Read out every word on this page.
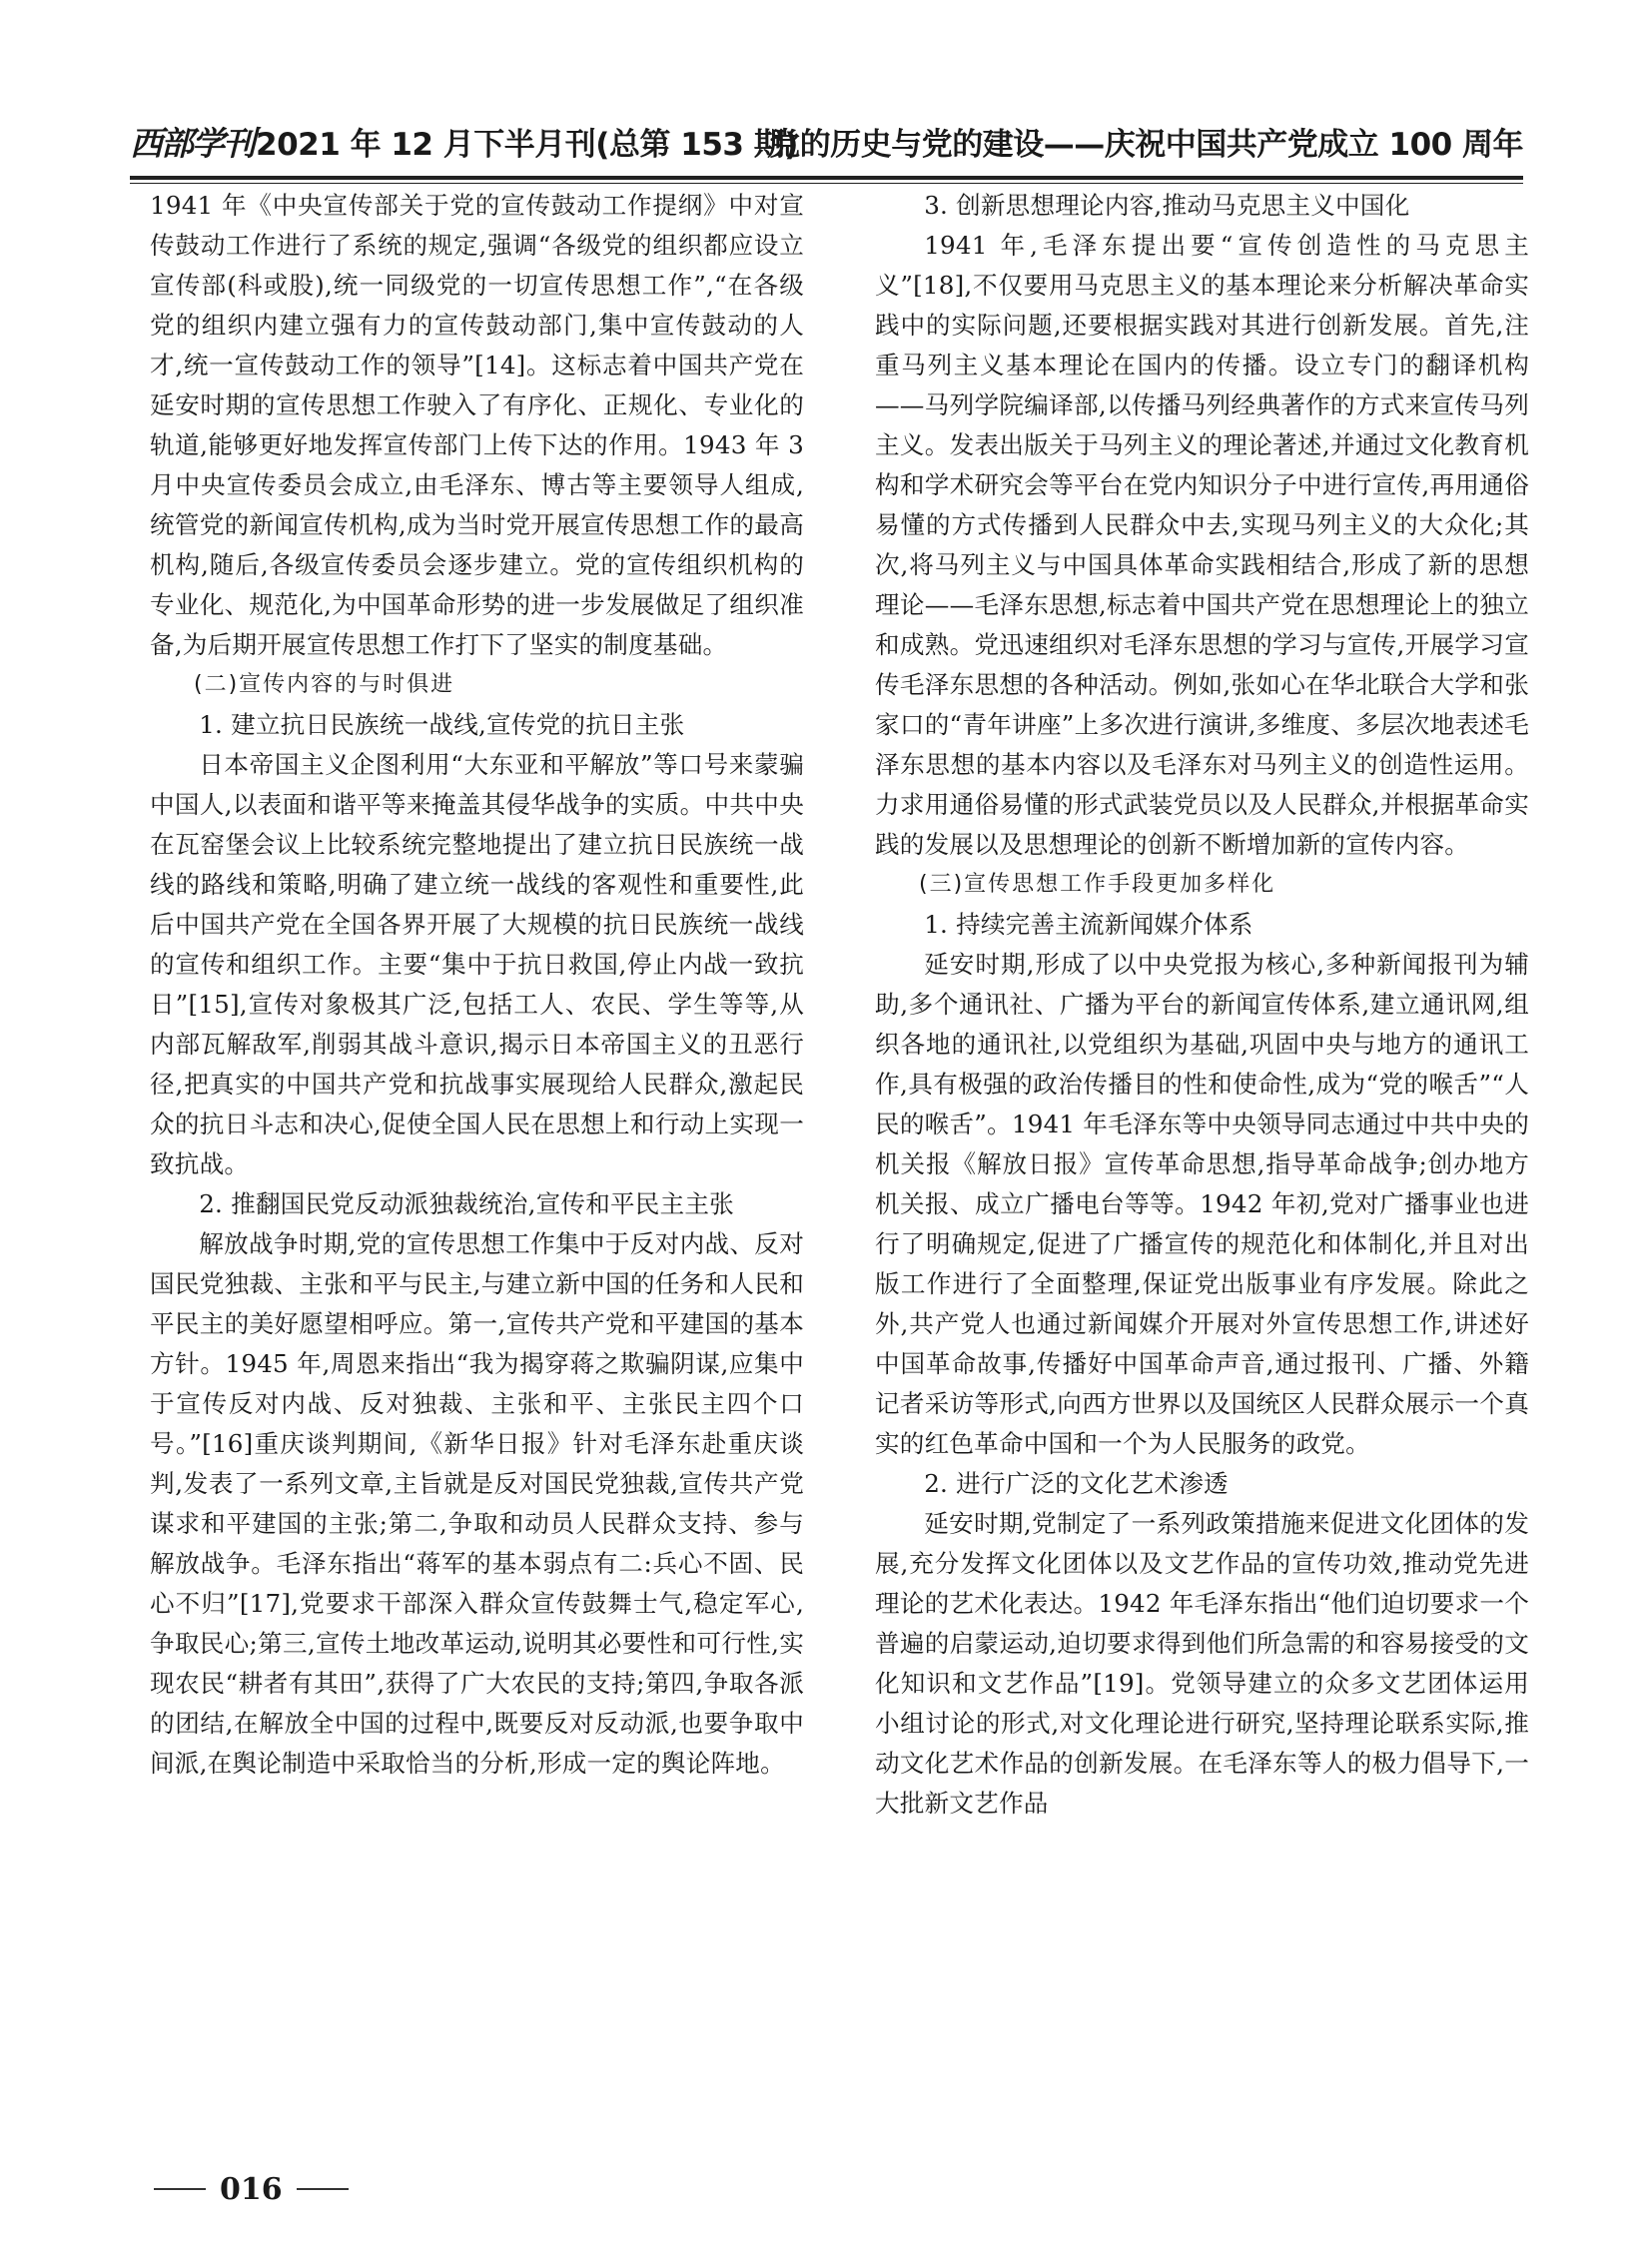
西部学刊 2021 年 12 月下半月刊(总第 153 期)
党的历史与党的建设——庆祝中国共产党成立 100 周年

1941 年《中央宣传部关于党的宣传鼓动工作提纲》中对宣传鼓动工作进行了系统的规定,强调“各级党的组织都应设立宣传部(科或股),统一同级党的一切宣传思想工作”,“在各级党的组织内建立强有力的宣传鼓动部门,集中宣传鼓动的人才,统一宣传鼓动工作的领导”[14]。这标志着中国共产党在延安时期的宣传思想工作驶入了有序化、正规化、专业化的轨道,能够更好地发挥宣传部门上传下达的作用。1943 年 3 月中央宣传委员会成立,由毛泽东、博古等主要领导人组成,统管党的新闻宣传机构,成为当时党开展宣传思想工作的最高机构,随后,各级宣传委员会逐步建立。党的宣传组织机构的专业化、规范化,为中国革命形势的进一步发展做足了组织准备,为后期开展宣传思想工作打下了坚实的制度基础。

(二)宣传内容的与时俱进

1. 建立抗日民族统一战线,宣传党的抗日主张

日本帝国主义企图利用“大东亚和平解放”等口号来蒙骗中国人,以表面和谐平等来掩盖其侵华战争的实质。中共中央在瓦窑堡会议上比较系统完整地提出了建立抗日民族统一战线的路线和策略,明确了建立统一战线的客观性和重要性,此后中国共产党在全国各界开展了大规模的抗日民族统一战线的宣传和组织工作。主要“集中于抗日救国,停止内战一致抗日”[15],宣传对象极其广泛,包括工人、农民、学生等等,从内部瓦解敌军,削弱其战斗意识,揭示日本帝国主义的丑恶行径,把真实的中国共产党和抗战事实展现给人民群众,激起民众的抗日斗志和决心,促使全国人民在思想上和行动上实现一致抗战。

2. 推翻国民党反动派独裁统治,宣传和平民主主张

解放战争时期,党的宣传思想工作集中于反对内战、反对国民党独裁、主张和平与民主,与建立新中国的任务和人民和平民主的美好愿望相呼应。第一,宣传共产党和平建国的基本方针。1945 年,周恩来指出“我为揭穿蒋之欺骗阴谋,应集中于宣传反对内战、反对独裁、主张和平、主张民主四个口号。”[16]重庆谈判期间,《新华日报》针对毛泽东赴重庆谈判,发表了一系列文章,主旨就是反对国民党独裁,宣传共产党谋求和平建国的主张;第二,争取和动员人民群众支持、参与解放战争。毛泽东指出“蒋军的基本弱点有二:兵心不固、民心不归”[17],党要求干部深入群众宣传鼓舞士气,稳定军心,争取民心;第三,宣传土地改革运动,说明其必要性和可行性,实现农民“耕者有其田”,获得了广大农民的支持;第四,争取各派的团结,在解放全中国的过程中,既要反对反动派,也要争取中间派,在舆论制造中采取恰当的分析,形成一定的舆论阵地。

3. 创新思想理论内容,推动马克思主义中国化

1941 年,毛泽东提出要“宣传创造性的马克思主义”[18],不仅要用马克思主义的基本理论来分析解决革命实践中的实际问题,还要根据实践对其进行创新发展。首先,注重马列主义基本理论在国内的传播。设立专门的翻译机构——马列学院编译部,以传播马列经典著作的方式来宣传马列主义。发表出版关于马列主义的理论著述,并通过文化教育机构和学术研究会等平台在党内知识分子中进行宣传,再用通俗易懂的方式传播到人民群众中去,实现马列主义的大众化;其次,将马列主义与中国具体革命实践相结合,形成了新的思想理论——毛泽东思想,标志着中国共产党在思想理论上的独立和成熟。党迅速组织对毛泽东思想的学习与宣传,开展学习宣传毛泽东思想的各种活动。例如,张如心在华北联合大学和张家口的“青年讲座”上多次进行演讲,多维度、多层次地表述毛泽东思想的基本内容以及毛泽东对马列主义的创造性运用。力求用通俗易懂的形式武装党员以及人民群众,并根据革命实践的发展以及思想理论的创新不断增加新的宣传内容。

(三)宣传思想工作手段更加多样化

1. 持续完善主流新闻媒介体系

延安时期,形成了以中央党报为核心,多种新闻报刊为辅助,多个通讯社、广播为平台的新闻宣传体系,建立通讯网,组织各地的通讯社,以党组织为基础,巩固中央与地方的通讯工作,具有极强的政治传播目的性和使命性,成为“党的喉舌”“人民的喉舌”。1941 年毛泽东等中央领导同志通过中共中央的机关报《解放日报》宣传革命思想,指导革命战争;创办地方机关报、成立广播电台等等。1942 年初,党对广播事业也进行了明确规定,促进了广播宣传的规范化和体制化,并且对出版工作进行了全面整理,保证党出版事业有序发展。除此之外,共产党人也通过新闻媒介开展对外宣传思想工作,讲述好中国革命故事,传播好中国革命声音,通过报刊、广播、外籍记者采访等形式,向西方世界以及国统区人民群众展示一个真实的红色革命中国和一个为人民服务的政党。

2. 进行广泛的文化艺术渗透

延安时期,党制定了一系列政策措施来促进文化团体的发展,充分发挥文化团体以及文艺作品的宣传功效,推动党先进理论的艺术化表达。1942 年毛泽东指出“他们迫切要求一个普遍的启蒙运动,迫切要求得到他们所急需的和容易接受的文化知识和文艺作品”[19]。党领导建立的众多文艺团体运用小组讨论的形式,对文化理论进行研究,坚持理论联系实际,推动文化艺术作品的创新发展。在毛泽东等人的极力倡导下,一大批新文艺作品

016
